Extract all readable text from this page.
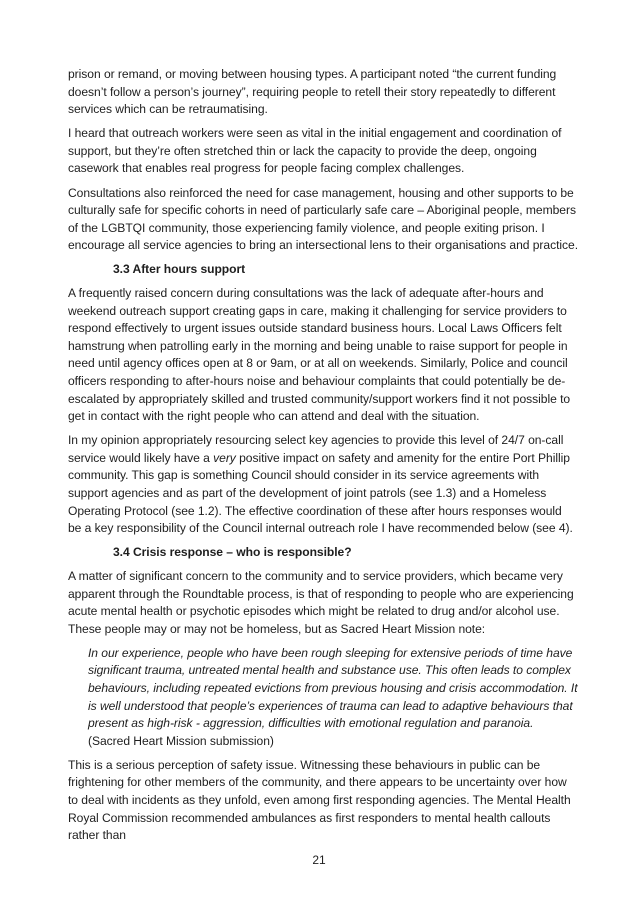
prison or remand, or moving between housing types. A participant noted “the current funding doesn’t follow a person’s journey”, requiring people to retell their story repeatedly to different services which can be retraumatising.

I heard that outreach workers were seen as vital in the initial engagement and coordination of support, but they’re often stretched thin or lack the capacity to provide the deep, ongoing casework that enables real progress for people facing complex challenges.

Consultations also reinforced the need for case management, housing and other supports to be culturally safe for specific cohorts in need of particularly safe care – Aboriginal people, members of the LGBTQI community, those experiencing family violence, and people exiting prison. I encourage all service agencies to bring an intersectional lens to their organisations and practice.

3.3 After hours support

A frequently raised concern during consultations was the lack of adequate after-hours and weekend outreach support creating gaps in care, making it challenging for service providers to respond effectively to urgent issues outside standard business hours. Local Laws Officers felt hamstrung when patrolling early in the morning and being unable to raise support for people in need until agency offices open at 8 or 9am, or at all on weekends. Similarly, Police and council officers responding to after-hours noise and behaviour complaints that could potentially be de-escalated by appropriately skilled and trusted community/support workers find it not possible to get in contact with the right people who can attend and deal with the situation.

In my opinion appropriately resourcing select key agencies to provide this level of 24/7 on-call service would likely have a very positive impact on safety and amenity for the entire Port Phillip community. This gap is something Council should consider in its service agreements with support agencies and as part of the development of joint patrols (see 1.3) and a Homeless Operating Protocol (see 1.2). The effective coordination of these after hours responses would be a key responsibility of the Council internal outreach role I have recommended below (see 4).

3.4 Crisis response – who is responsible?

A matter of significant concern to the community and to service providers, which became very apparent through the Roundtable process, is that of responding to people who are experiencing acute mental health or psychotic episodes which might be related to drug and/or alcohol use. These people may or may not be homeless, but as Sacred Heart Mission note:

In our experience, people who have been rough sleeping for extensive periods of time have significant trauma, untreated mental health and substance use. This often leads to complex behaviours, including repeated evictions from previous housing and crisis accommodation. It is well understood that people’s experiences of trauma can lead to adaptive behaviours that present as high-risk - aggression, difficulties with emotional regulation and paranoia. (Sacred Heart Mission submission)

This is a serious perception of safety issue. Witnessing these behaviours in public can be frightening for other members of the community, and there appears to be uncertainty over how to deal with incidents as they unfold, even among first responding agencies. The Mental Health Royal Commission recommended ambulances as first responders to mental health callouts rather than

21
